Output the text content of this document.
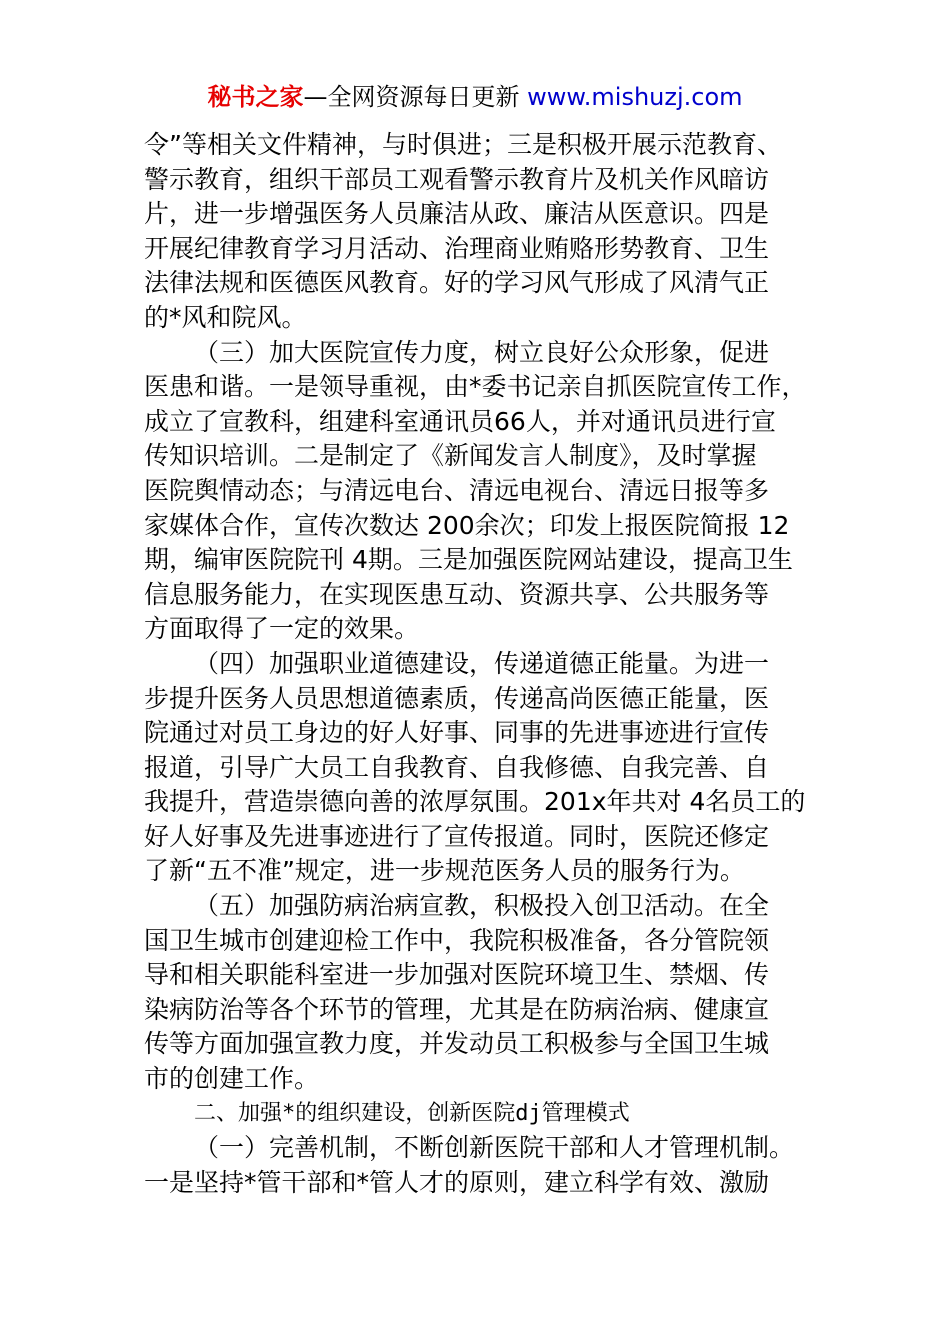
秘书之家—全网资源每日更新 www.mishuzj.com
令”等相关文件精神，与时俱进；三是积极开展示范教育、
警示教育，组织干部员工观看警示教育片及机关作风暗访
片，进一步增强医务人员廉洁从政、廉洁从医意识。四是
开展纪律教育学习月活动、治理商业贿赂形势教育、卫生
法律法规和医德医风教育。好的学习风气形成了风清气正
的*风和院风。
（三）加大医院宣传力度，树立良好公众形象，促进
医患和谐。一是领导重视，由*委书记亲自抓医院宣传工作，
成立了宣教科，组建科室通讯员66人，并对通讯员进行宣
传知识培训。二是制定了《新闻发言人制度》，及时掌握
医院舆情动态；与清远电台、清远电视台、清远日报等多
家媒体合作，宣传次数达 200余次；印发上报医院简报 12
期，编审医院院刊 4期。三是加强医院网站建设，提高卫生
信息服务能力，在实现医患互动、资源共享、公共服务等
方面取得了一定的效果。
（四）加强职业道德建设，传递道德正能量。为进一
步提升医务人员思想道德素质，传递高尚医德正能量，医
院通过对员工身边的好人好事、同事的先进事迹进行宣传
报道，引导广大员工自我教育、自我修德、自我完善、自
我提升，营造崇德向善的浓厚氛围。201x年共对 4名员工的
好人好事及先进事迹进行了宣传报道。同时，医院还修定
了新“五不准”规定，进一步规范医务人员的服务行为。
（五）加强防病治病宣教，积极投入创卫活动。在全
国卫生城市创建迎检工作中，我院积极准备，各分管院领
导和相关职能科室进一步加强对医院环境卫生、禁烟、传
染病防治等各个环节的管理，尤其是在防病治病、健康宣
传等方面加强宣教力度，并发动员工积极参与全国卫生城
市的创建工作。
二、加强*的组织建设，创新医院dj管理模式
（一）完善机制，不断创新医院干部和人才管理机制。
一是坚持*管干部和*管人才的原则，建立科学有效、激励
